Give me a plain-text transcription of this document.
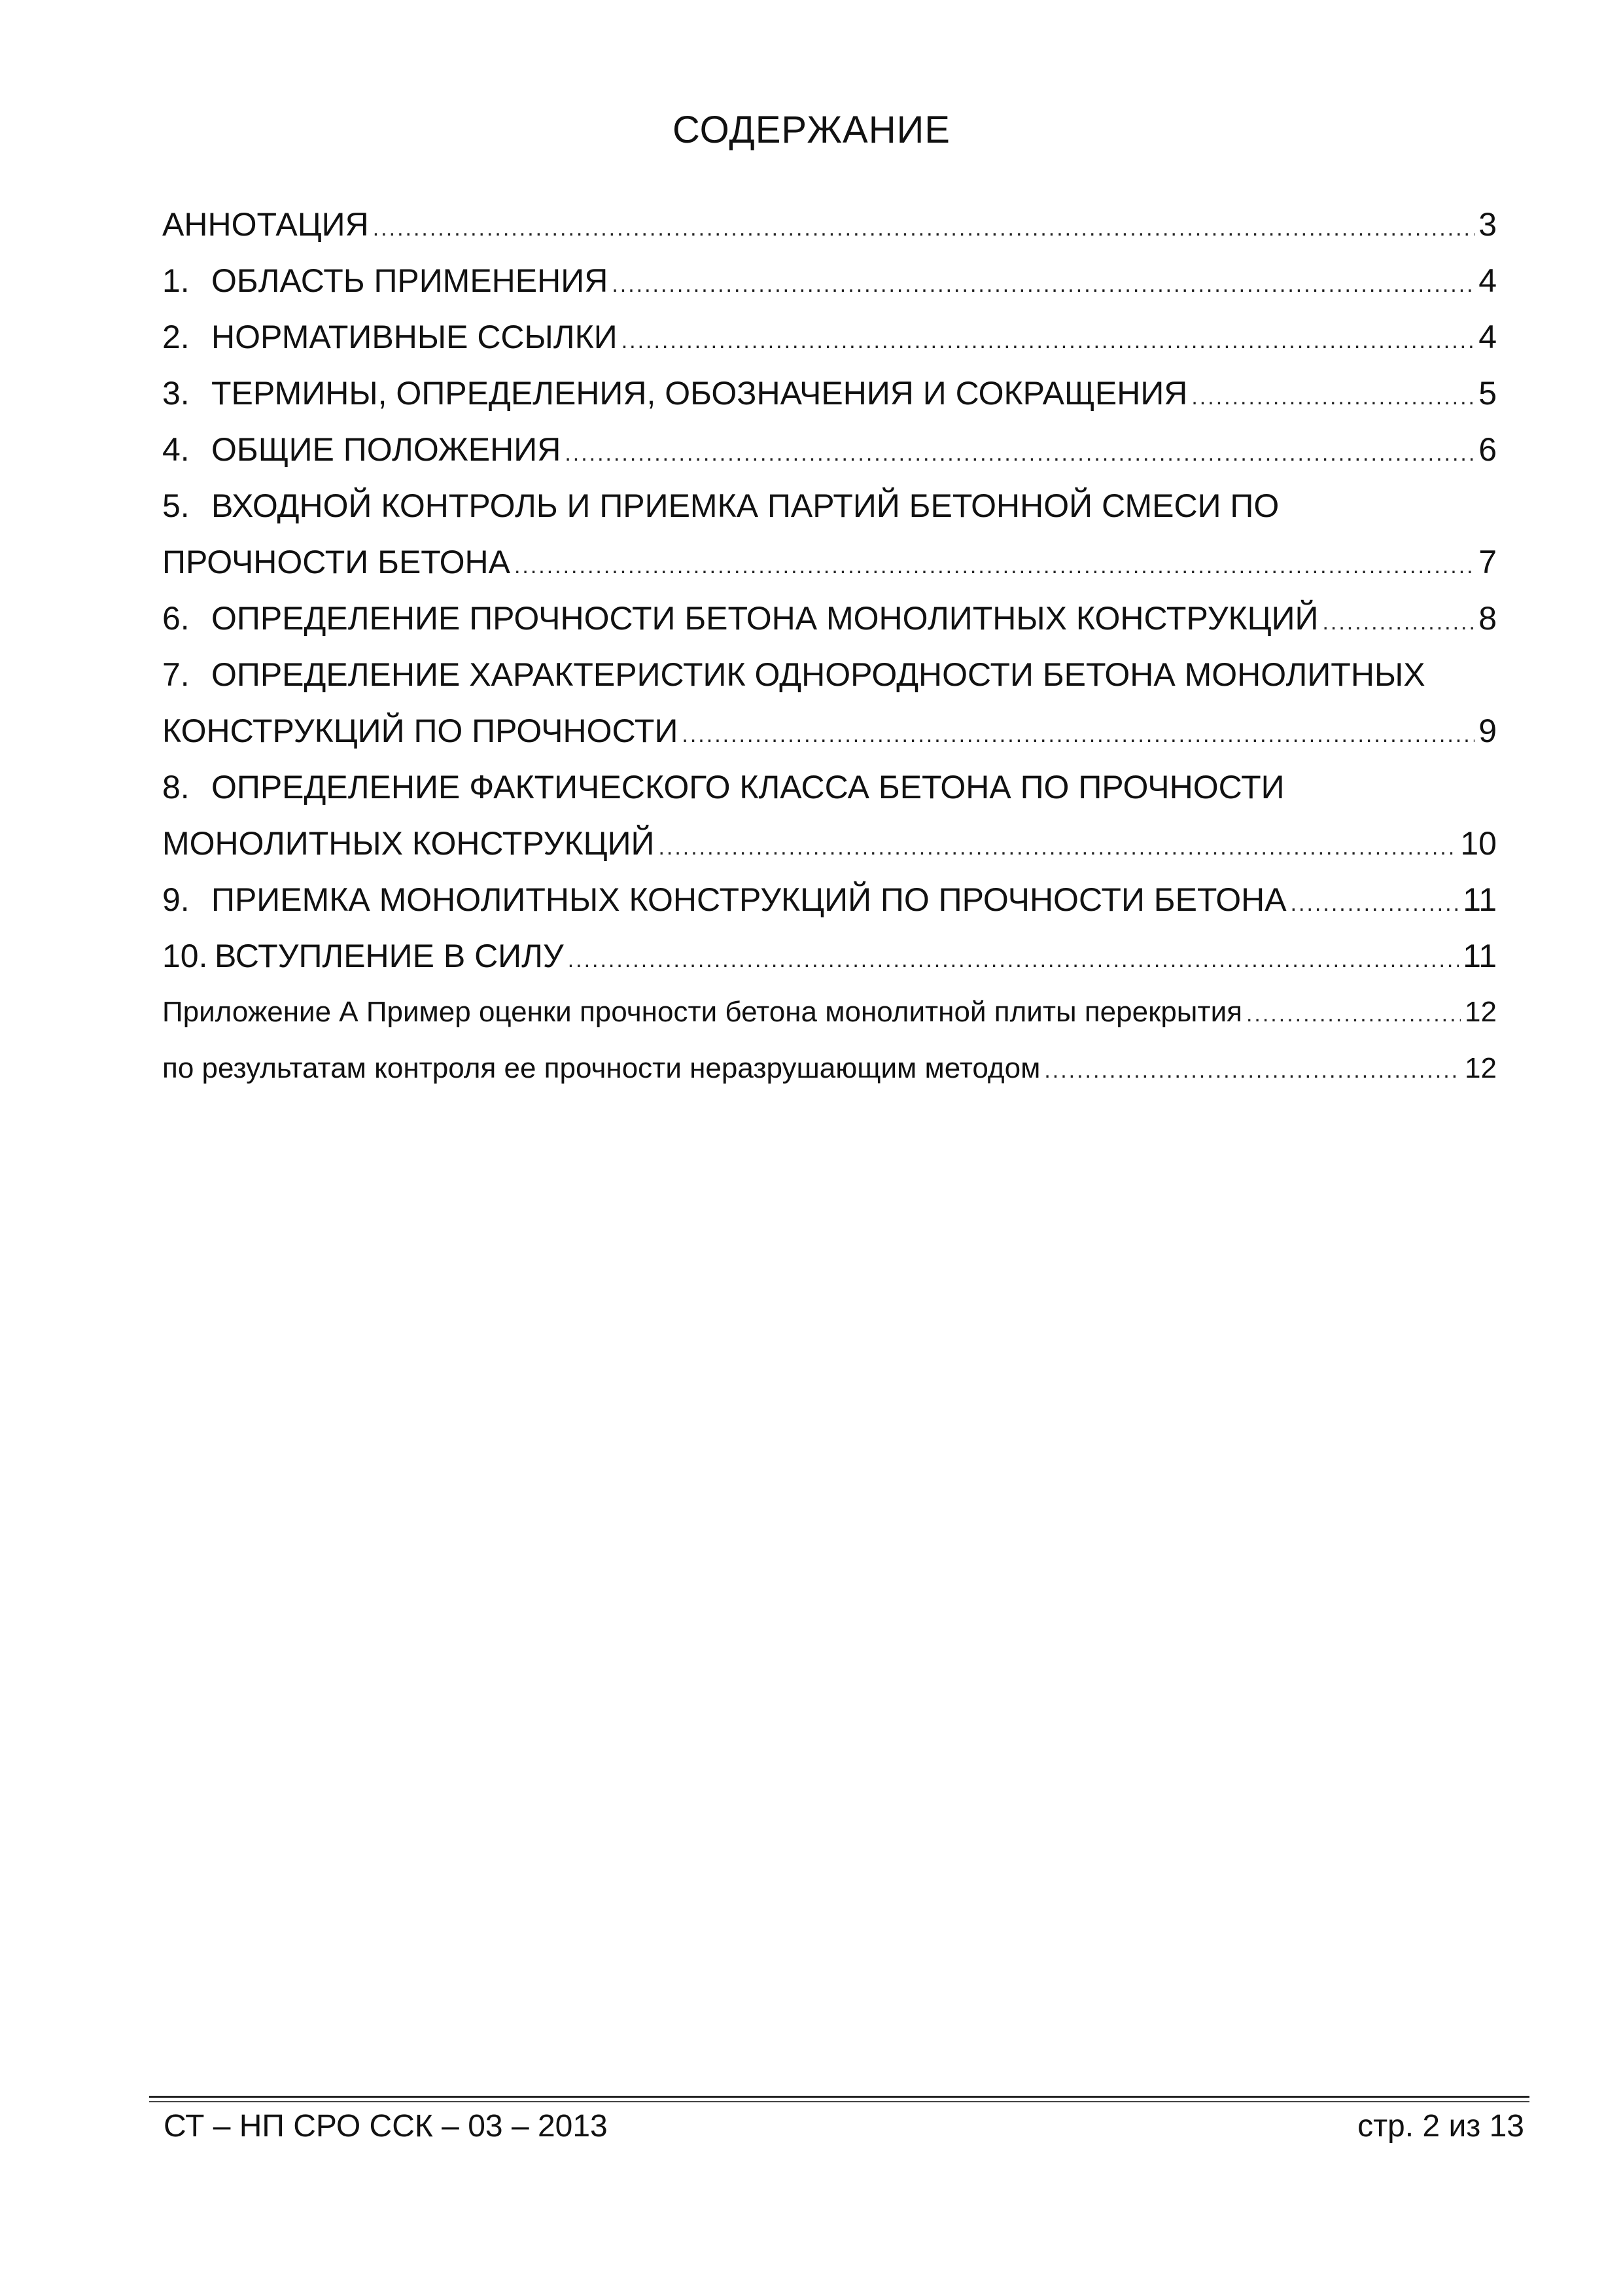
СОДЕРЖАНИЕ
АННОТАЦИЯ .....	3
1. ОБЛАСТЬ ПРИМЕНЕНИЯ .....	4
2. НОРМАТИВНЫЕ ССЫЛКИ .....	4
3. ТЕРМИНЫ, ОПРЕДЕЛЕНИЯ, ОБОЗНАЧЕНИЯ И СОКРАЩЕНИЯ .....	5
4. ОБЩИЕ ПОЛОЖЕНИЯ .....	6
5. ВХОДНОЙ КОНТРОЛЬ И ПРИЕМКА ПАРТИЙ БЕТОННОЙ СМЕСИ ПО
ПРОЧНОСТИ БЕТОНА .....	7
6. ОПРЕДЕЛЕНИЕ ПРОЧНОСТИ БЕТОНА МОНОЛИТНЫХ КОНСТРУКЦИЙ .....	8
7. ОПРЕДЕЛЕНИЕ ХАРАКТЕРИСТИК ОДНОРОДНОСТИ БЕТОНА МОНОЛИТНЫХ
КОНСТРУКЦИЙ ПО ПРОЧНОСТИ .....	9
8. ОПРЕДЕЛЕНИЕ ФАКТИЧЕСКОГО КЛАССА БЕТОНА ПО ПРОЧНОСТИ
МОНОЛИТНЫХ КОНСТРУКЦИЙ .....	10
9. ПРИЕМКА МОНОЛИТНЫХ КОНСТРУКЦИЙ ПО ПРОЧНОСТИ БЕТОНА .....	11
10. ВСТУПЛЕНИЕ В СИЛУ .....	11
Приложение А Пример оценки прочности бетона монолитной плиты перекрытия .....	12
по результатам контроля ее прочности неразрушающим методом .....	12
СТ – НП СРО ССК – 03 – 2013	стр. 2 из 13
